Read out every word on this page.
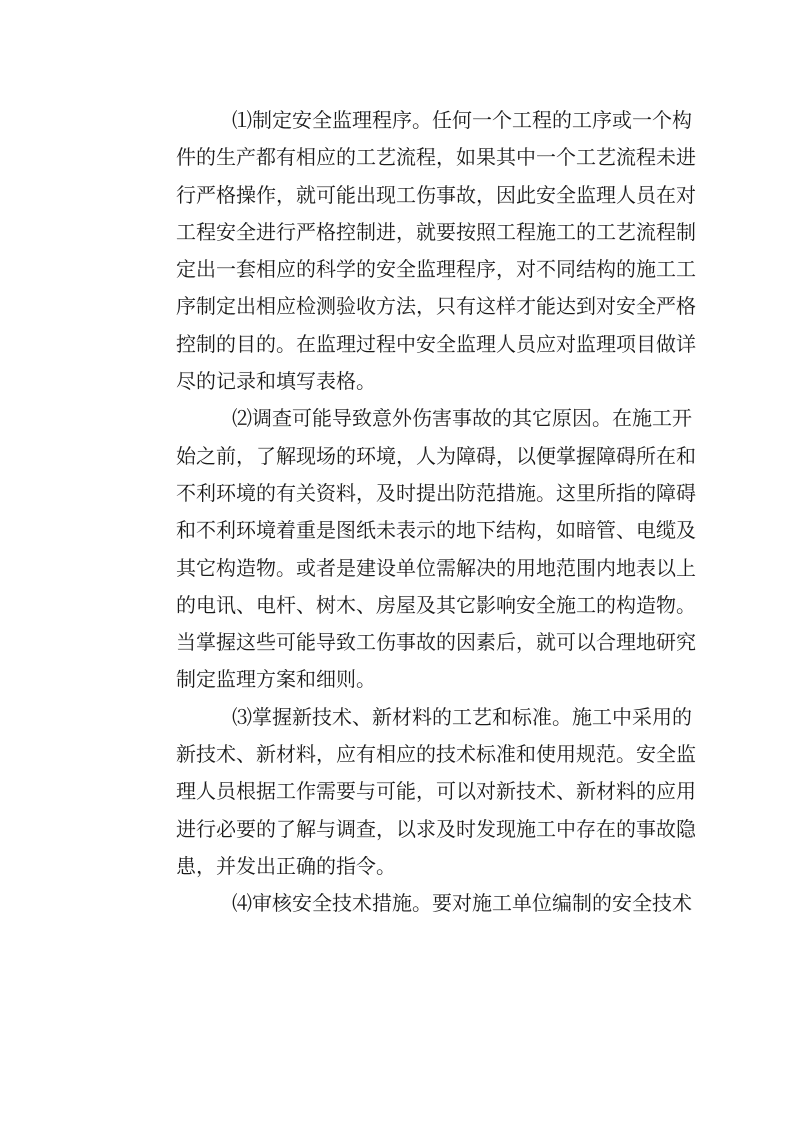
⑴制定安全监理程序。任何一个工程的工序或一个构
件的生产都有相应的工艺流程，如果其中一个工艺流程未进
行严格操作，就可能出现工伤事故，因此安全监理人员在对
工程安全进行严格控制进，就要按照工程施工的工艺流程制
定出一套相应的科学的安全监理程序，对不同结构的施工工
序制定出相应检测验收方法，只有这样才能达到对安全严格
控制的目的。在监理过程中安全监理人员应对监理项目做详
尽的记录和填写表格。
⑵调查可能导致意外伤害事故的其它原因。在施工开
始之前，了解现场的环境，人为障碍，以便掌握障碍所在和
不利环境的有关资料，及时提出防范措施。这里所指的障碍
和不利环境着重是图纸未表示的地下结构，如暗管、电缆及
其它构造物。或者是建设单位需解决的用地范围内地表以上
的电讯、电杆、树木、房屋及其它影响安全施工的构造物。
当掌握这些可能导致工伤事故的因素后，就可以合理地研究
制定监理方案和细则。
⑶掌握新技术、新材料的工艺和标准。施工中采用的
新技术、新材料，应有相应的技术标准和使用规范。安全监
理人员根据工作需要与可能，可以对新技术、新材料的应用
进行必要的了解与调查，以求及时发现施工中存在的事故隐
患，并发出正确的指令。
⑷审核安全技术措施。要对施工单位编制的安全技术
